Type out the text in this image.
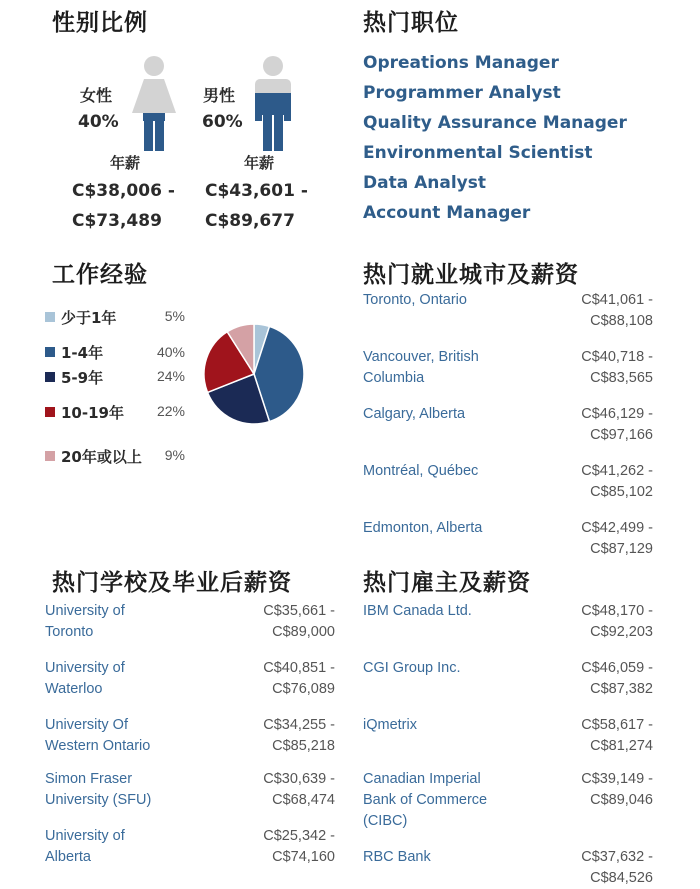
性别比例
女性
40%
年薪
C$38,006 -
C$73,489
男性
60%
年薪
C$43,601 -
C$89,677
热门职位
Opreations Manager
Programmer Analyst
Quality Assurance Manager
Environmental Scientist
Data Analyst
Account Manager
工作经验
少于1年	5%
1-4年	40%
5-9年	24%
10-19年	22%
20年或以上	9%
热门就业城市及薪资
Toronto, Ontario	C$41,061 -
C$88,108
Vancouver, British
Columbia
C$40,718 -
C$83,565
Calgary, Alberta	C$46,129 -
C$97,166
Montréal, Québec	C$41,262 -
C$85,102
Edmonton, Alberta	C$42,499 -
C$87,129
热门学校及毕业后薪资
University of
Toronto
C$35,661 -
C$89,000
University of
Waterloo
C$40,851 -
C$76,089
University Of
Western Ontario
C$34,255 -
C$85,218
Simon Fraser
University (SFU)
C$30,639 -
C$68,474
University of
Alberta
C$25,342 -
C$74,160
热门雇主及薪资
IBM Canada Ltd.	C$48,170 -
C$92,203
CGI Group Inc.	C$46,059 -
C$87,382
iQmetrix	C$58,617 -
C$81,274
Canadian Imperial
Bank of Commerce
(CIBC)
C$39,149 -
C$89,046
RBC Bank	C$37,632 -
C$84,526
